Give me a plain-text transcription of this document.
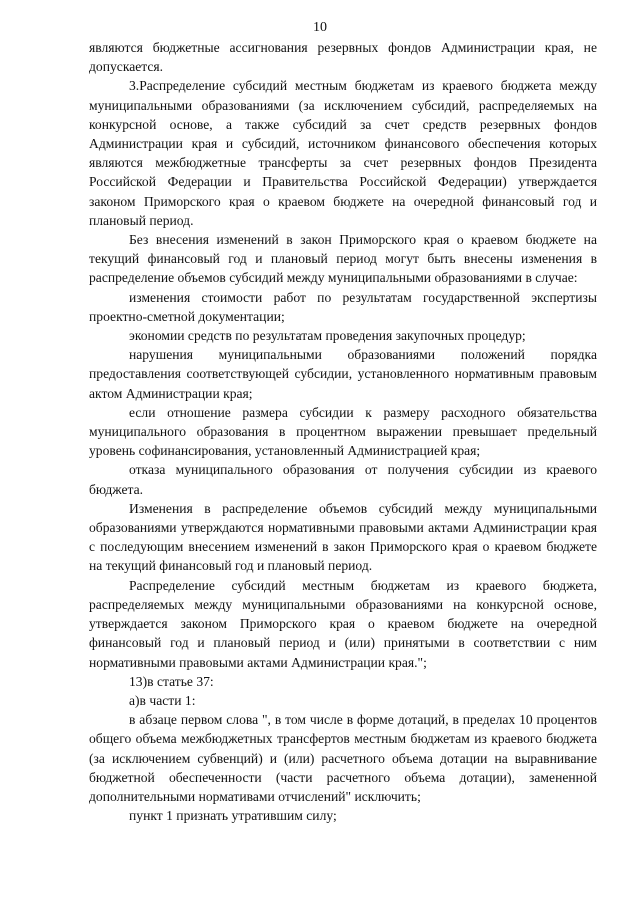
10

являются бюджетные ассигнования резервных фондов Администрации края, не допускается.

3.Распределение субсидий местным бюджетам из краевого бюджета между муниципальными образованиями (за исключением субсидий, распределяемых на конкурсной основе, а также субсидий за счет средств резервных фондов Администрации края и субсидий, источником финансового обеспечения которых являются межбюджетные трансферты за счет резервных фондов Президента Российской Федерации и Правительства Российской Федерации) утверждается законом Приморского края о краевом бюджете на очередной финансовый год и плановый период.

Без внесения изменений в закон Приморского края о краевом бюджете на текущий финансовый год и плановый период могут быть внесены изменения в распределение объемов субсидий между муниципальными образованиями в случае:

изменения стоимости работ по результатам государственной экспертизы проектно-сметной документации;

экономии средств по результатам проведения закупочных процедур;

нарушения муниципальными образованиями положений порядка предоставления соответствующей субсидии, установленного нормативным правовым актом Администрации края;

если отношение размера субсидии к размеру расходного обязательства муниципального образования в процентном выражении превышает предельный уровень софинансирования, установленный Администрацией края;

отказа муниципального образования от получения субсидии из краевого бюджета.

Изменения в распределение объемов субсидий между муниципальными образованиями утверждаются нормативными правовыми актами Администрации края с последующим внесением изменений в закон Приморского края о краевом бюджете на текущий финансовый год и плановый период.

Распределение субсидий местным бюджетам из краевого бюджета, распределяемых между муниципальными образованиями на конкурсной основе, утверждается законом Приморского края о краевом бюджете на очередной финансовый год и плановый период и (или) принятыми в соответствии с ним нормативными правовыми актами Администрации края.";

13)в статье 37:

а)в части 1:

в абзаце первом слова ", в том числе в форме дотаций, в пределах 10 процентов общего объема межбюджетных трансфертов местным бюджетам из краевого бюджета (за исключением субвенций) и (или) расчетного объема дотации на выравнивание бюджетной обеспеченности (части расчетного объема дотации), замененной дополнительными нормативами отчислений" исключить;

пункт 1 признать утратившим силу;
